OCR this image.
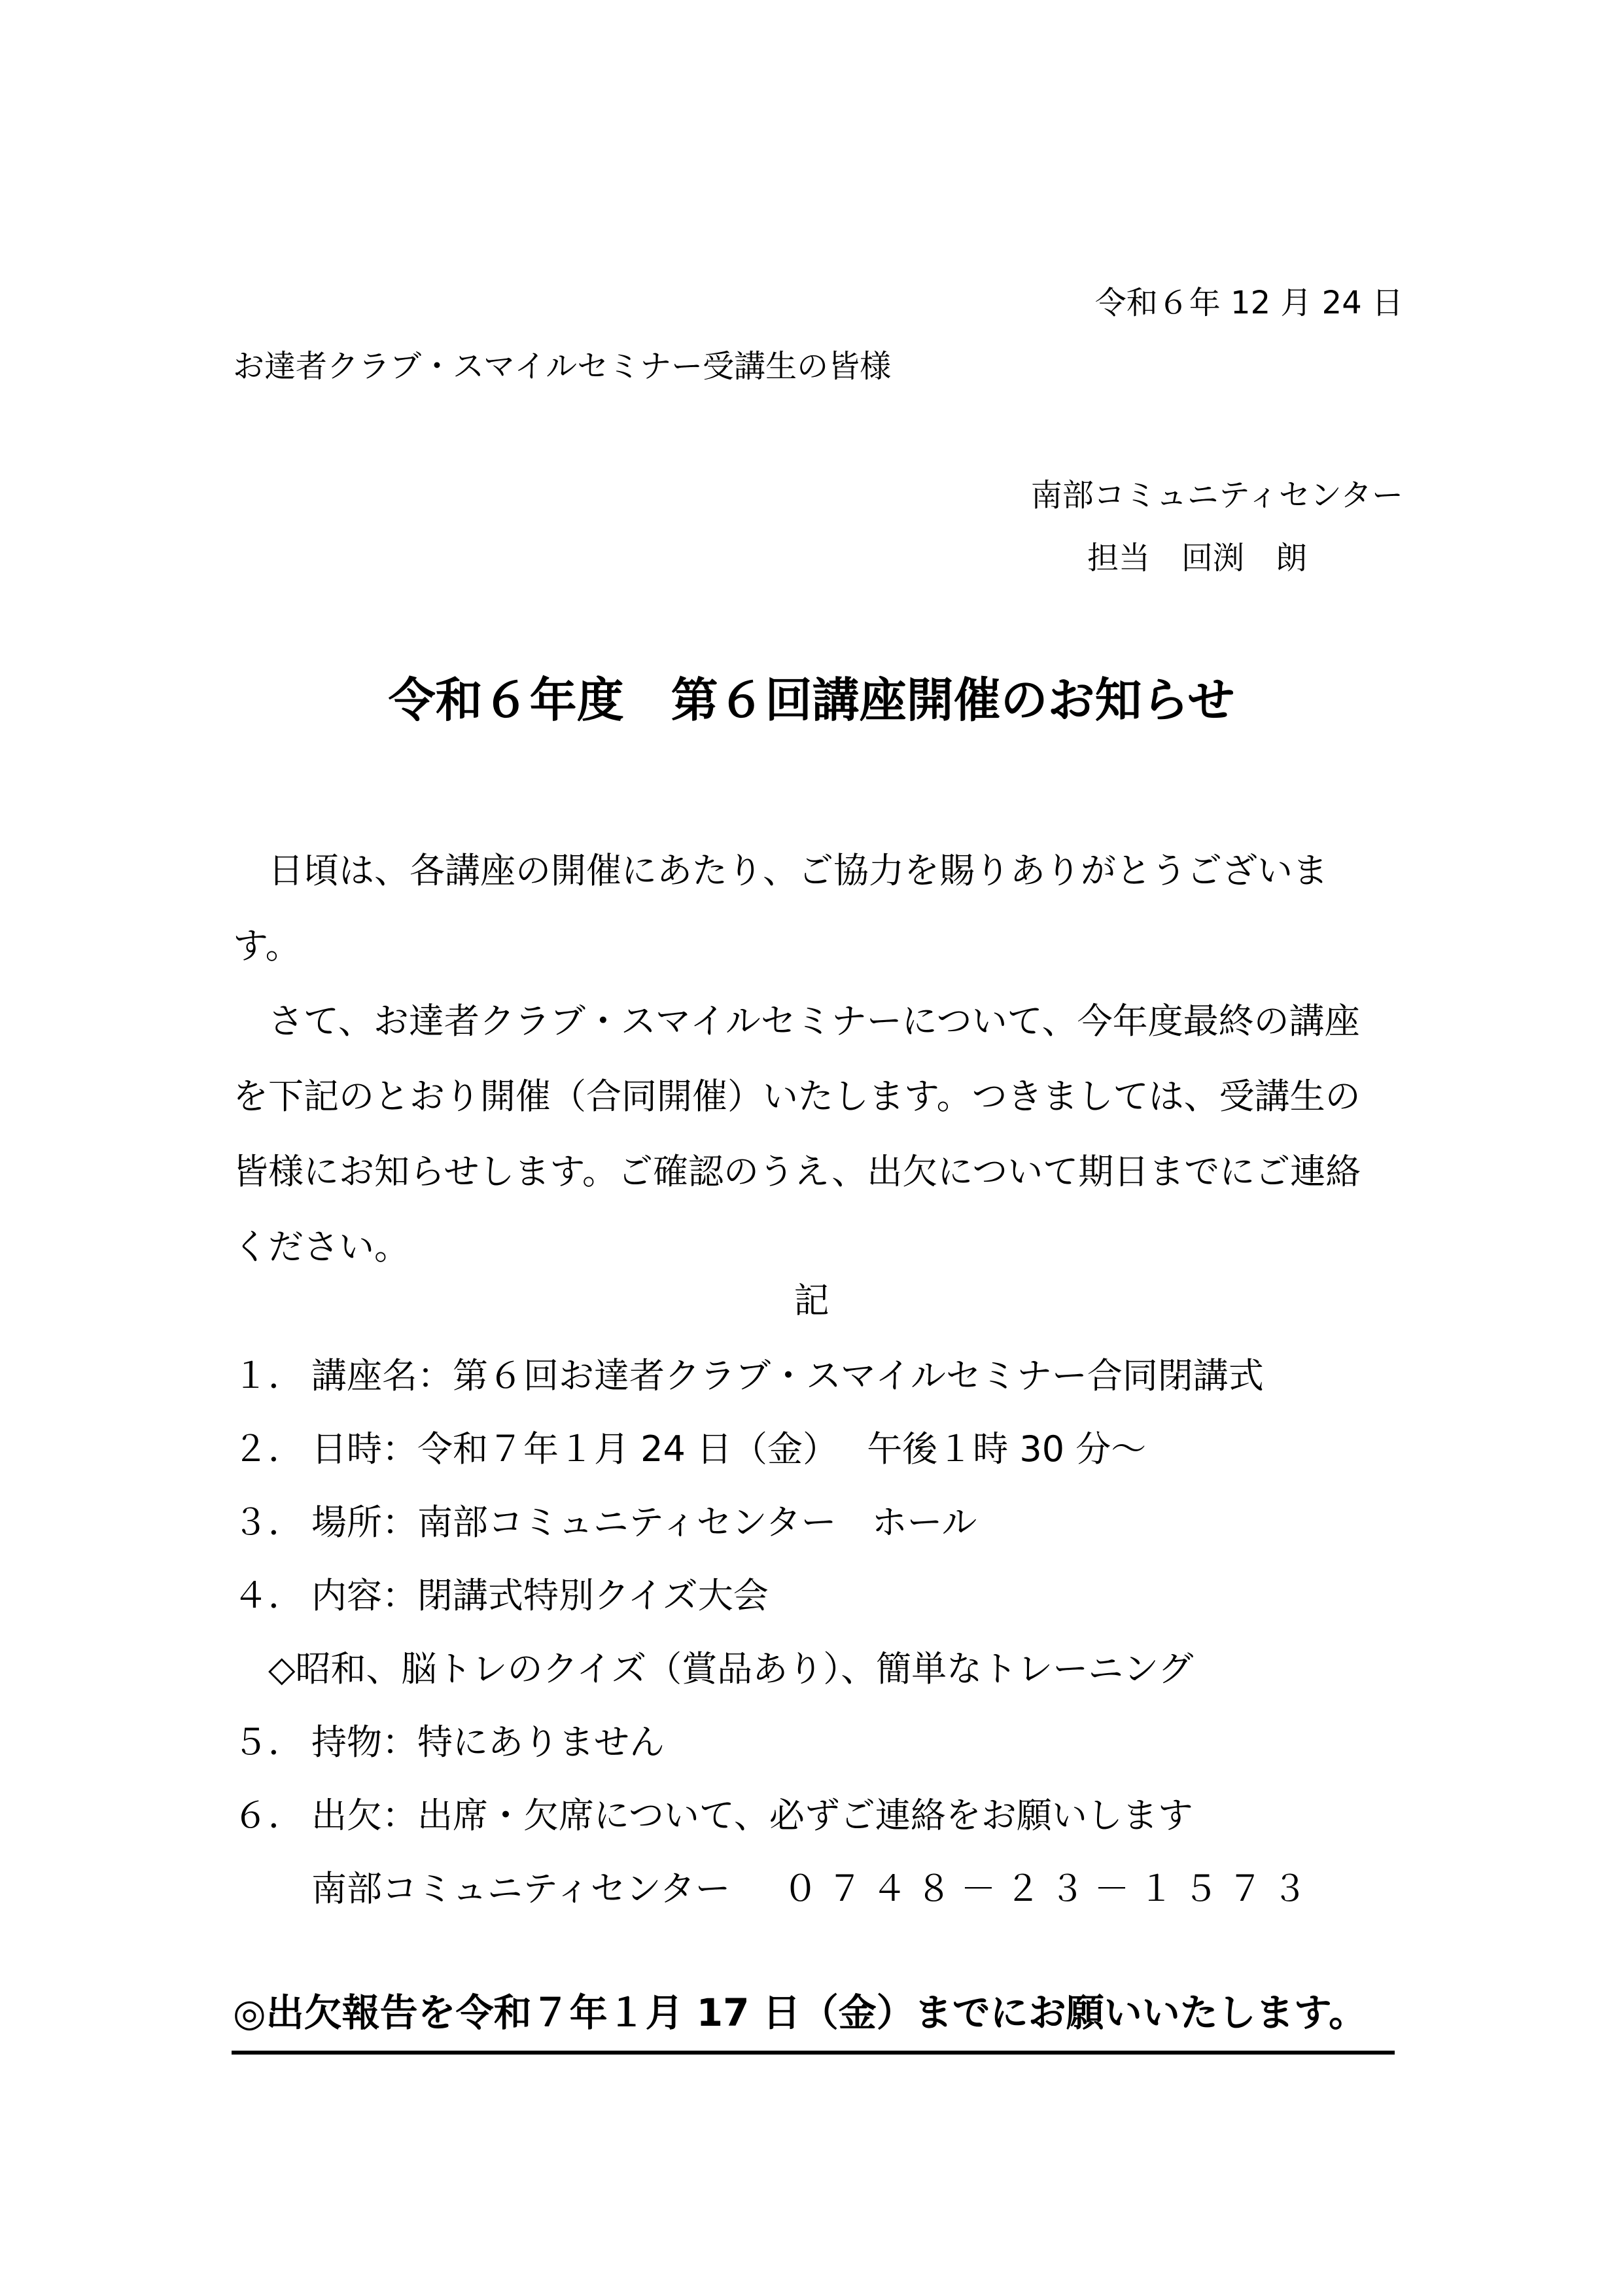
令和６年 12 月 24 日
お達者クラブ・スマイルセミナー受講生の皆様
南部コミュニティセンター
担当　回渕　朗
令和６年度　第６回講座開催のお知らせ

日頃は、各講座の開催にあたり、ご協力を賜りありがとうございます。

さて、お達者クラブ・スマイルセミナーについて、今年度最終の講座を下記のとおり開催（合同開催）いたします。つきましては、受講生の皆様にお知らせします。ご確認のうえ、出欠について期日までにご連絡ください。

記
１． 講座名：第６回お達者クラブ・スマイルセミナー合同閉講式
２． 日時：令和７年１月 24 日（金）　 午後１時 30 分～
３． 場所：南部コミュニティセンター　ホール
４． 内容：閉講式特別クイズ大会
◇昭和、脳トレのクイズ（賞品あり）、簡単なトレーニング
５． 持物：特にありません
６． 出欠：出席・欠席について、必ずご連絡をお願いします
南部コミュニティセンター ０７４８－２３－１５７３
◎出欠報告を令和７年１月 17 日（金）までにお願いいたします。
